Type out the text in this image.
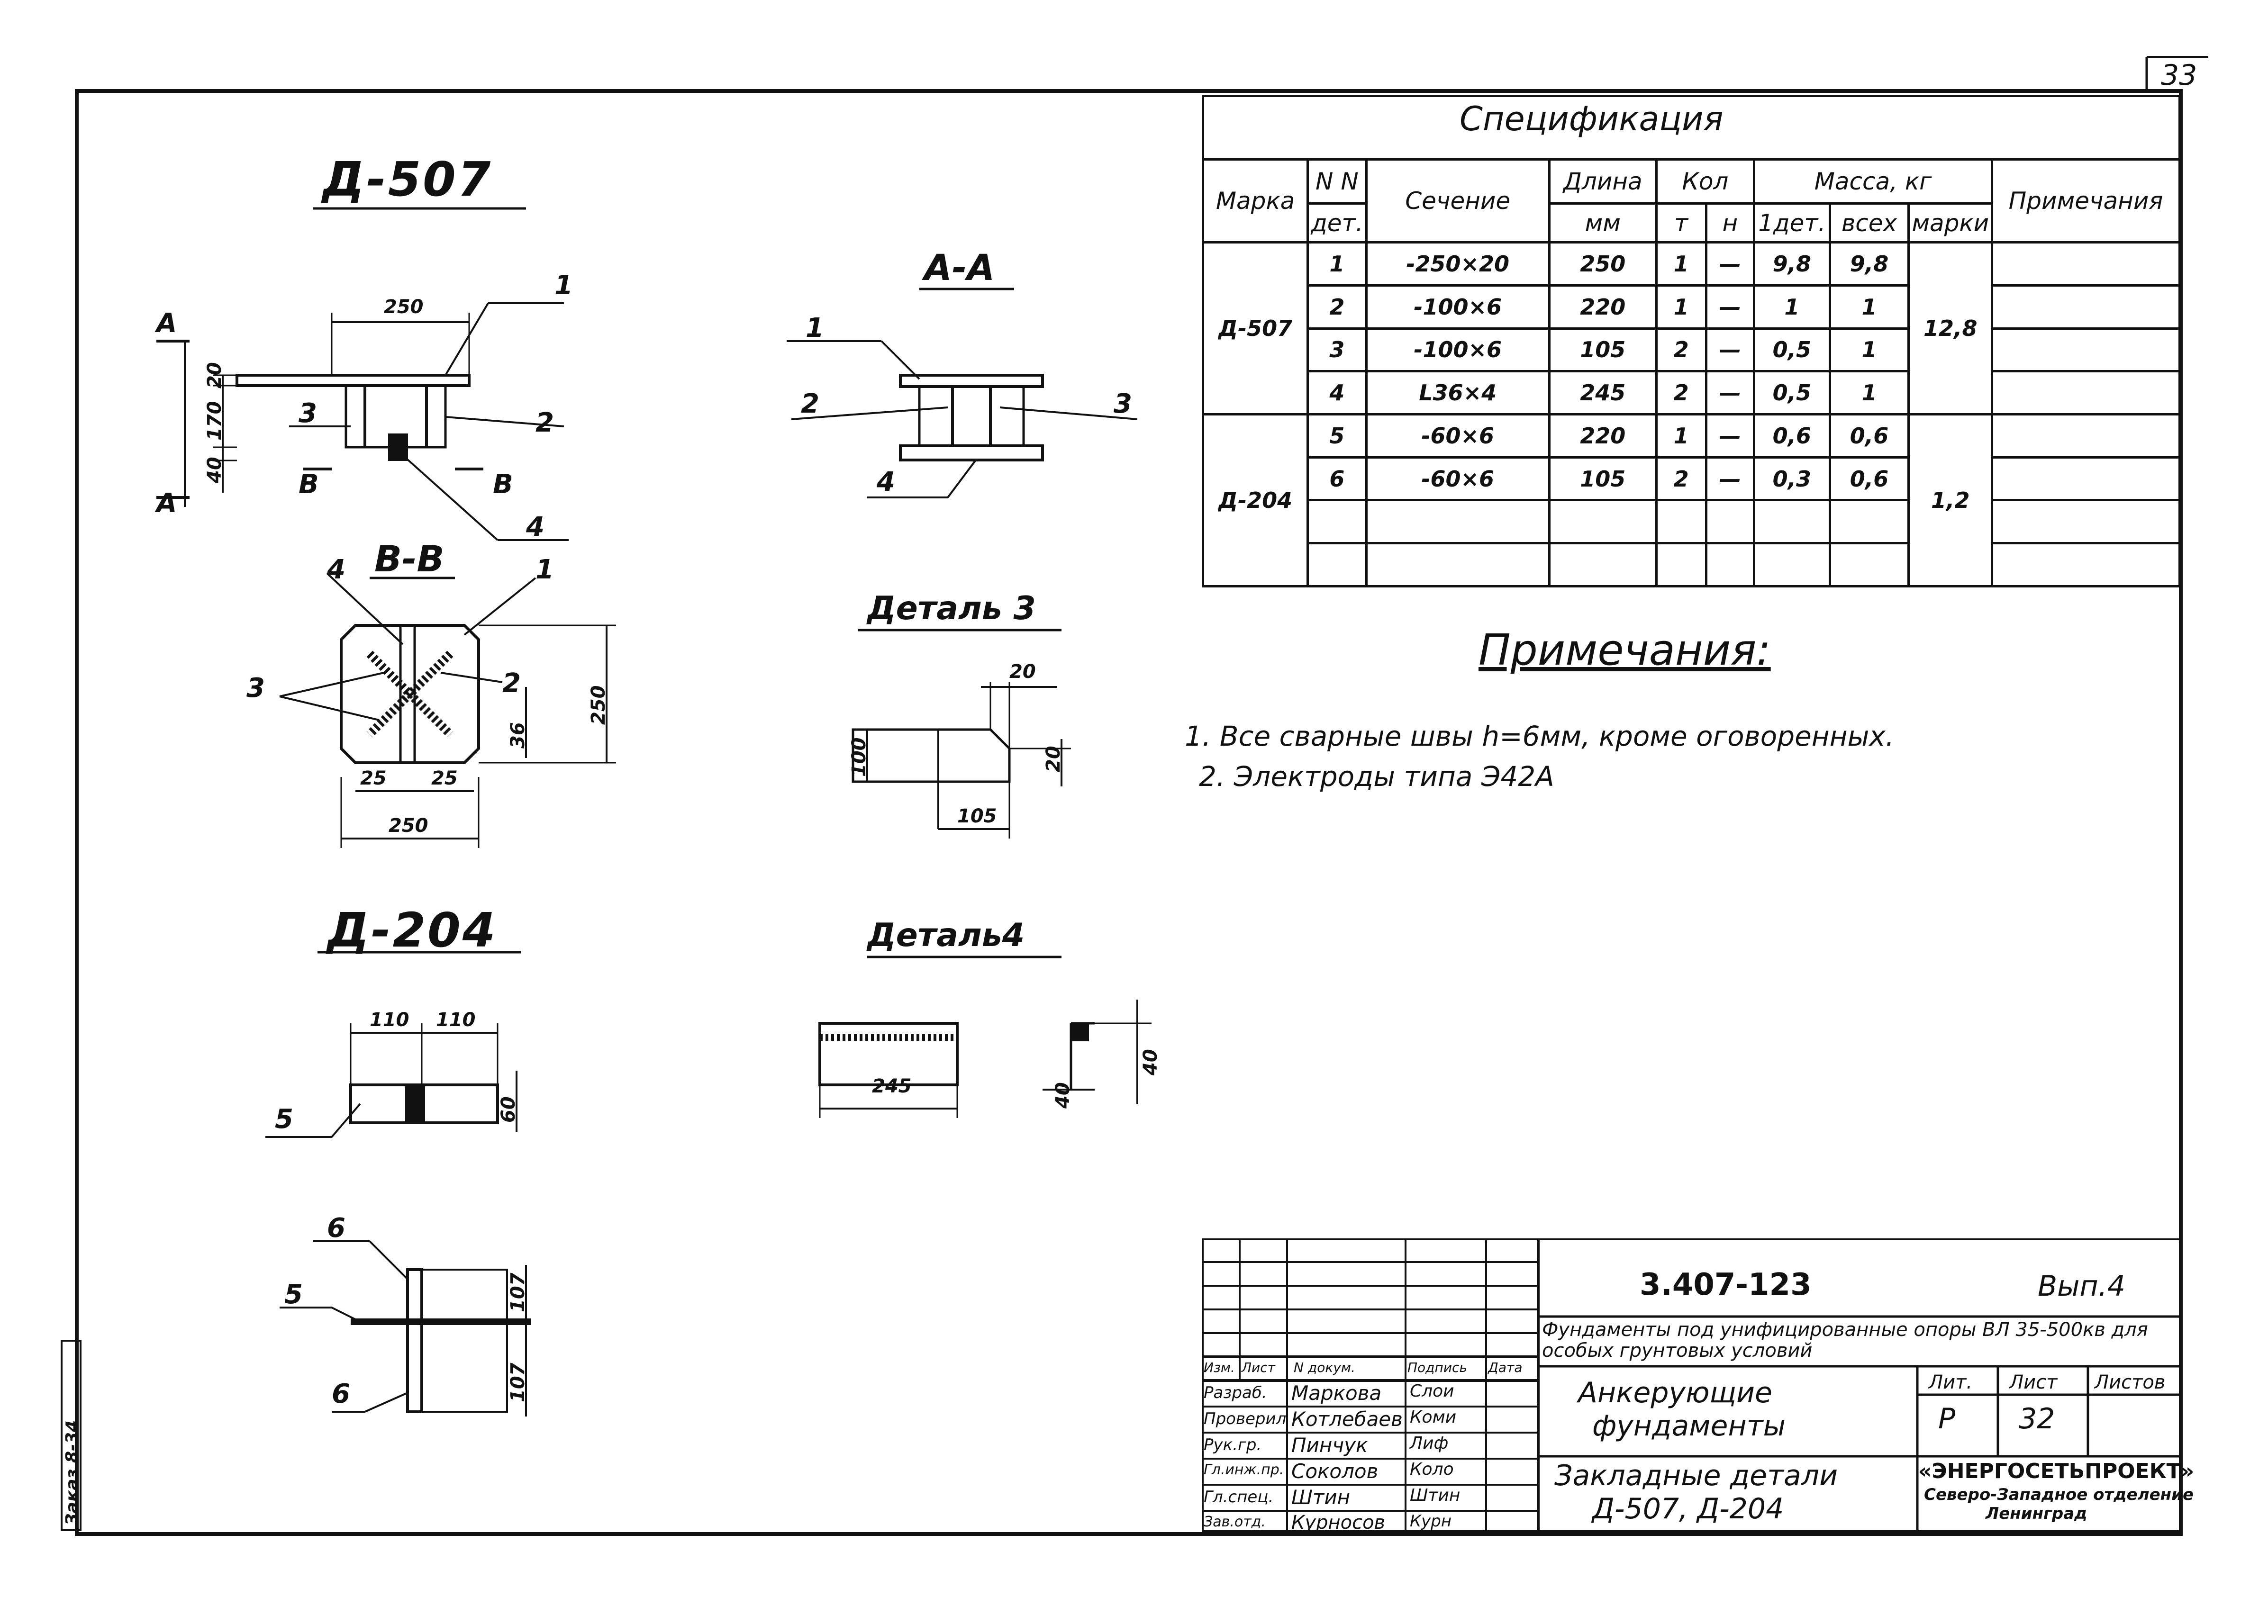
33
Д-507
250
20
170
40
А
А
В	В
1
3	2
4
А-А
1
2	3
4
В-В
4	1
3	2
250
36
25 25
250
Деталь 3
20
20
100
105
Деталь4
245
40
40
Д-204
110 110
60
5
6
5
6
107
107
Заказ 8-34
Спецификация

Марка	N N	Сечение	Длина	Кол		Масса, кг			Примечания
	дет.		мм	т	н	1дет.	всех	марки	
Д-507	1	-250×20	250	1	—	9,8	9,8	12,8	
	2	-100×6	220	1	—	1	1		
	3	-100×6	105	2	—	0,5	1		
	4	L36×4	245	2	—	0,5	1		
Д-204	5	-60×6	220	1	—	0,6	0,6	1,2	
	6	-60×6	105	2	—	0,3	0,6		

Примечания:
1. Все сварные швы h=6мм, кроме оговоренных.
2. Электроды типа Э42А
3.407-123	Вып.4
Фундаменты под унифицированные опоры ВЛ 35-500кв для особых грунтовых условий
Анкерующие
фундаменты
Закладные детали
Д-507, Д-204
Лит. Лист Листов
Р 32
«ЭНЕРГОСЕТЬПРОЕКТ»
Северо-Западное отделение
Ленинград
Изм. Лист N докум.	Подпись Дата
Разраб. Маркова Слои
Проверил Котлебаев Коми
Рук.гр. Пинчук Лиф
Гл.инж.пр. Соколов Коло
Гл.спец. Штин	Штин
Зав.отд. Курносов Курн
